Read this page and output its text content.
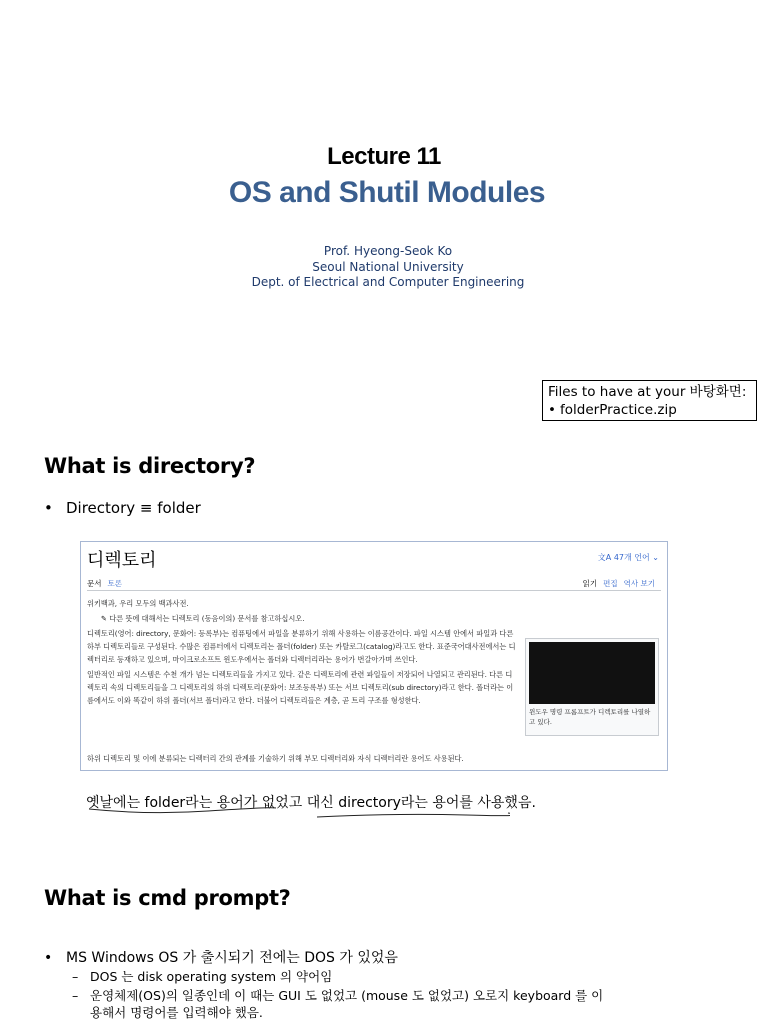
Lecture 11
OS and Shutil Modules
Prof. Hyeong-Seok Ko
Seoul National University
Dept. of Electrical and Computer Engineering
Files to have at your 바탕화면:
• folderPractice.zip
What is directory?
• Directory ≡ folder
디렉토리	文A 47개 언어 ⌄
문서 토론	읽기 편집 역사 보기

위키백과, 우리 모두의 백과사전.

✎ 다른 뜻에 대해서는 디렉토리 (동음이의) 문서를 참고하십시오.

디렉토리(영어: directory, 문화어: 등록부)는 컴퓨팅에서 파일을 분류하기 위해 사용하는 이름공간이다. 파일 시스템 안에서 파일과 다른 하부 디렉토리들로 구성된다. 수많은 컴퓨터에서 디렉토리는 폴더(folder) 또는 카탈로그(catalog)라고도 한다. 표준국어대사전에서는 디렉터리로 등재하고 있으며, 마이크로소프트 윈도우에서는 폴더와 디렉터리라는 용어가 번갈아가며 쓰인다.

일반적인 파일 시스템은 수천 개가 넘는 디렉토리들을 가지고 있다. 같은 디렉토리에 관련 파일들이 저장되어 나열되고 관리된다. 다른 디렉토리 속의 디렉토리들을 그 디렉토리의 하위 디렉토리(문화어: 보조등록부) 또는 서브 디렉토리(sub directory)라고 한다. 폴더라는 이름에서도 이와 똑같이 하위 폴더(서브 폴더)라고 한다. 더불어 디렉토리들은 계층, 곧 트리 구조를 형성한다.

윈도우 명령 프롬프트가 디렉토리를 나열하고 있다.
하위 디렉토리 및 이에 분류되는 디렉터리 간의 관계를 기술하기 위해 부모 디렉터리와 자식 디렉터리란 용어도 사용된다.
옛날에는 folder라는 용어가 없었고 대신 directory라는 용어를 사용했음.
What is cmd prompt?
• MS Windows OS 가 출시되기 전에는 DOS 가 있었음
– DOS 는 disk operating system 의 약어임
– 운영체제(OS)의 일종인데 이 때는 GUI 도 없었고 (mouse 도 없었고) 오로지 keyboard 를 이
용해서 명령어를 입력해야 했음.
